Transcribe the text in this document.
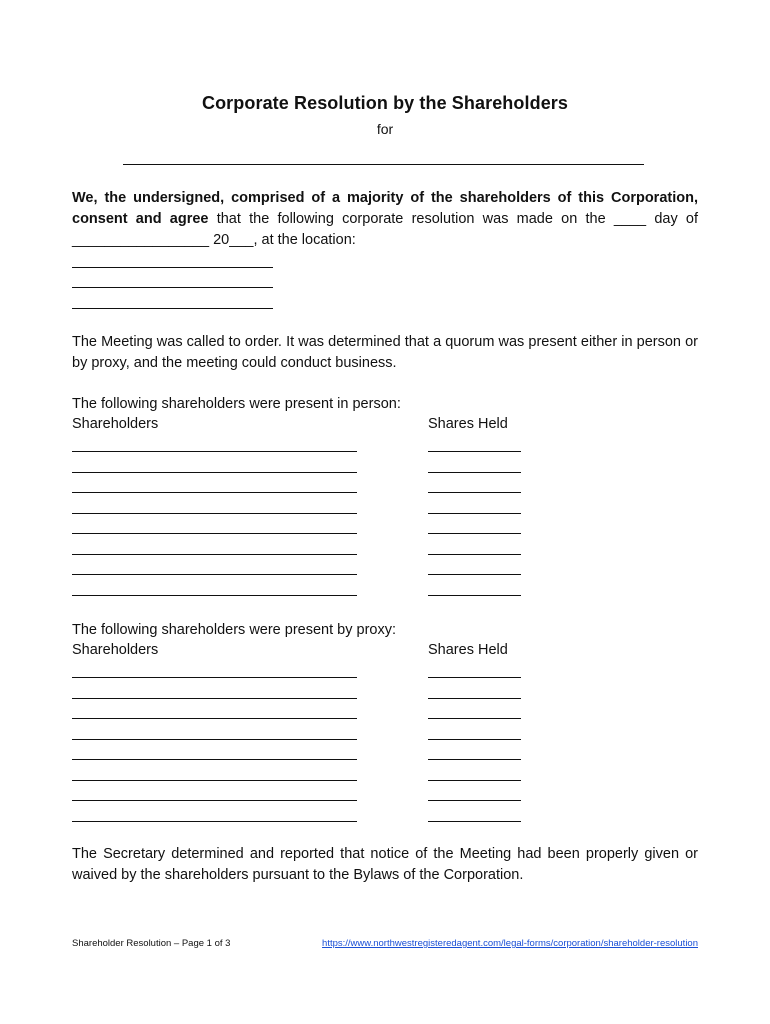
Corporate Resolution by the Shareholders
for
We, the undersigned, comprised of a majority of the shareholders of this Corporation, consent and agree that the following corporate resolution was made on the ____ day of _________________ 20___, at the location:
The Meeting was called to order. It was determined that a quorum was present either in person or by proxy, and the meeting could conduct business.
The following shareholders were present in person:
Shareholders	Shares Held
The following shareholders were present by proxy:
Shareholders	Shares Held
The Secretary determined and reported that notice of the Meeting had been properly given or waived by the shareholders pursuant to the Bylaws of the Corporation.
Shareholder Resolution – Page 1 of 3	https://www.northwestregisteredagent.com/legal-forms/corporation/shareholder-resolution
